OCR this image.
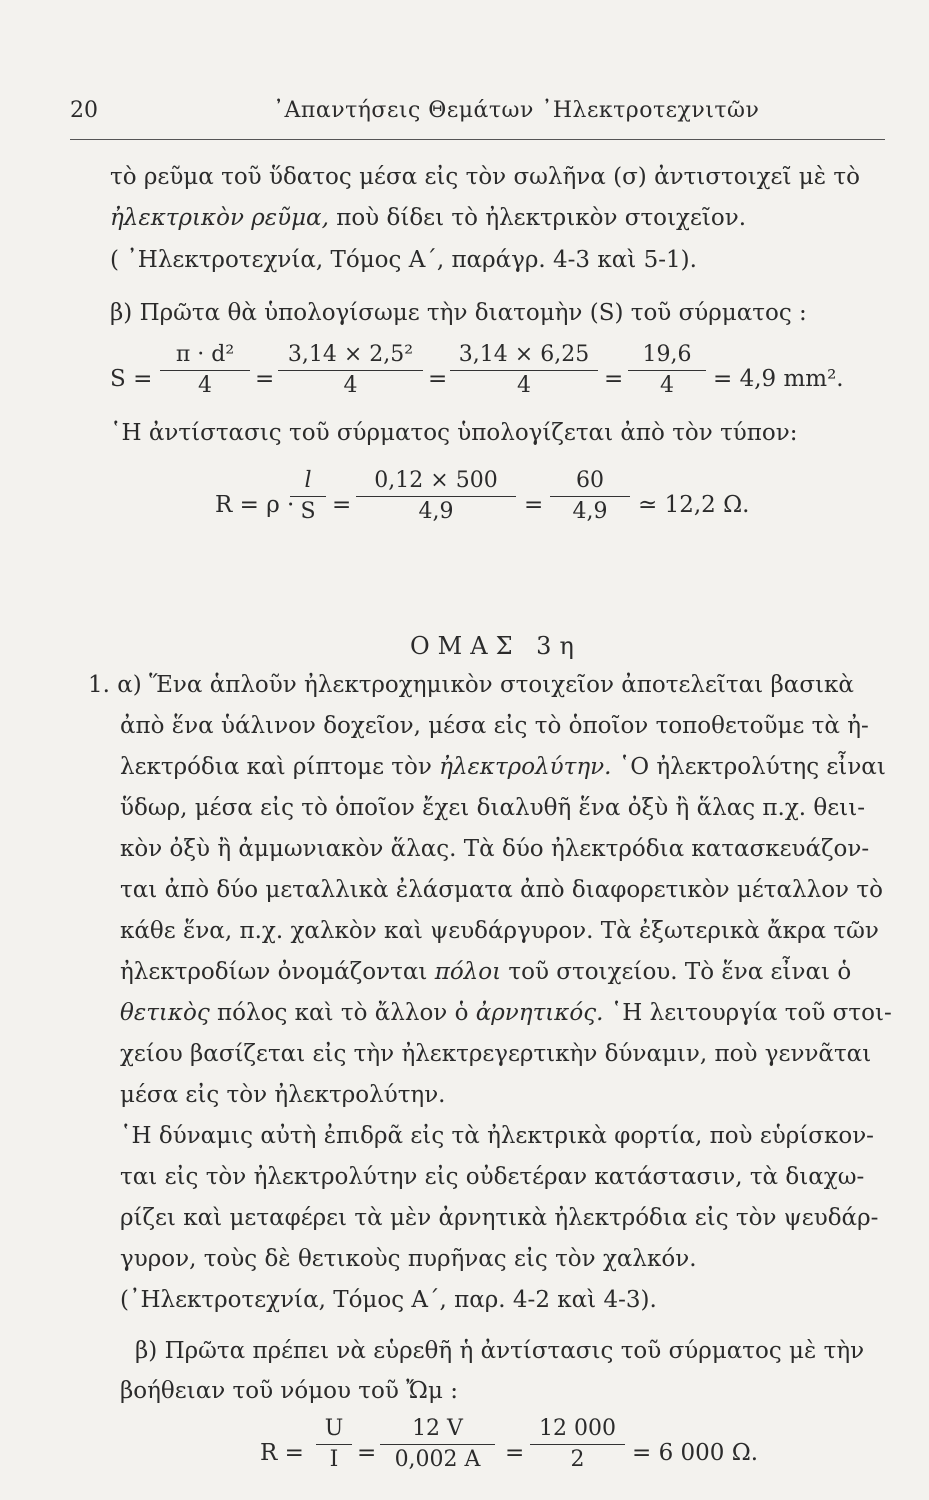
20	᾿Απαντήσεις Θεμάτων ᾿Ηλεκτροτεχνιτῶν
τὸ ρεῦμα τοῦ ὕδατος μέσα εἰς τὸν σωλῆνα (σ) ἀντιστοιχεῖ μὲ τὸ
ἠλεκτρικὸν ρεῦμα, ποὺ δίδει τὸ ἠλεκτρικὸν στοιχεῖον.
( ᾿Ηλεκτροτεχνία, Τόμος Α΄, παράγρ. 4-3 καὶ 5-1).
β) Πρῶτα θὰ ὑπολογίσωμε τὴν διατομὴν (S) τοῦ σύρματος :
$S = \frac{\text{π · d²}}{4} = \frac{\text{3,14 × 2,5²}}{4} = \frac{3,14 \times 6,25}{4} = \frac{19,6}{4} = 4,9$ mm².
῾Η ἀντίστασις τοῦ σύρματος ὑπολογίζεται ἀπὸ τὸν τύπον:
R = ρ ·
$\frac{l}{S} = \frac{0,12 \times 500}{4,9} = \frac{60}{4,9}$ ≃ 12,2 Ω.
ΟΜΑΣ 3η
1. α) Ἕνα ἁπλοῦν ἠλεκτροχημικὸν στοιχεῖον ἀποτελεῖται βασικὰ
ἀπὸ ἕνα ὑάλινον δοχεῖον, μέσα εἰς τὸ ὁποῖον τοποθετοῦμε τὰ ἠ-
λεκτρόδια καὶ ρίπτομε τὸν ἠλεκτρολύτην. ῾Ο ἠλεκτρολύτης εἶναι
ὕδωρ, μέσα εἰς τὸ ὁποῖον ἔχει διαλυθῆ ἕνα ὀξὺ ἢ ἅλας π.χ. θειι-
κὸν ὀξὺ ἢ ἀμμωνιακὸν ἅλας. Τὰ δύο ἠλεκτρόδια κατασκευάζον-
ται ἀπὸ δύο μεταλλικὰ ἐλάσματα ἀπὸ διαφορετικὸν μέταλλον τὸ
κάθε ἕνα, π.χ. χαλκὸν καὶ ψευδάργυρον. Τὰ ἐξωτερικὰ ἄκρα τῶν
ἠλεκτροδίων ὀνομάζονται πόλοι τοῦ στοιχείου. Τὸ ἕνα εἶναι ὁ
θετικὸς πόλος καὶ τὸ ἄλλον ὁ ἀρνητικός. ῾Η λειτουργία τοῦ στοι-
χείου βασίζεται εἰς τὴν ἠλεκτρεγερτικὴν δύναμιν, ποὺ γεννᾶται
μέσα εἰς τὸν ἠλεκτρολύτην.
῾Η δύναμις αὐτὴ ἐπιδρᾶ εἰς τὰ ἠλεκτρικὰ φορτία, ποὺ εὑρίσκον-
ται εἰς τὸν ἠλεκτρολύτην εἰς οὐδετέραν κατάστασιν, τὰ διαχω-
ρίζει καὶ μεταφέρει τὰ μὲν ἀρνητικὰ ἠλεκτρόδια εἰς τὸν ψευδάρ-
γυρον, τοὺς δὲ θετικοὺς πυρῆνας εἰς τὸν χαλκόν.
(᾿Ηλεκτροτεχνία, Τόμος Α΄, παρ. 4-2 καὶ 4-3).
β) Πρῶτα πρέπει νὰ εὑρεθῆ ἡ ἀντίστασις τοῦ σύρματος μὲ τὴν
βοήθειαν τοῦ νόμου τοῦ Ὤμ :
$R = \frac{U}{I} = \frac{12 V}{0,002 A} = \frac{12 000}{2} = 6$ 000 Ω.
